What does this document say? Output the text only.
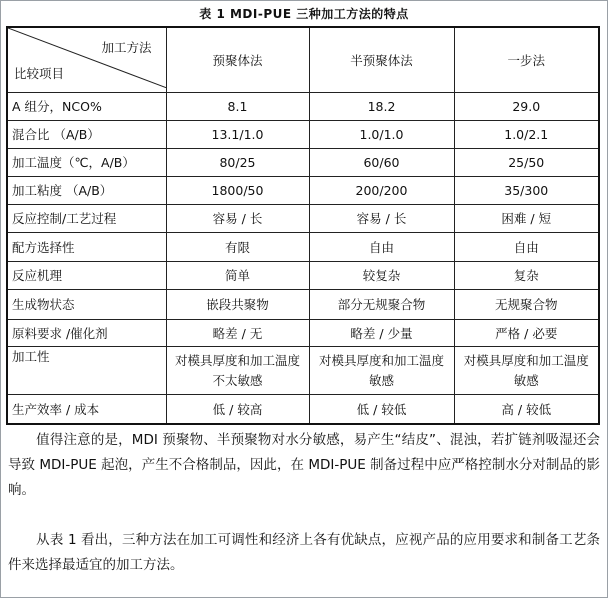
表 1 MDI-PUE 三种加工方法的特点
加工方法
比较项目	预聚体法	半预聚体法	一步法
A 组分，NCO%	8.1	18.2	29.0
混合比 （A/B）	13.1/1.0	1.0/1.0	1.0/2.1
加工温度（℃，A/B）	80/25	60/60	25/50
加工粘度 （A/B）	1800/50	200/200	35/300
反应控制/工艺过程	容易 / 长	容易 / 长	困难 / 短
配方选择性	有限	自由	自由
反应机理	简单	较复杂	复杂
生成物状态	嵌段共聚物	部分无规聚合物	无规聚合物
原料要求 /催化剂	略差 / 无	略差 / 少量	严格 / 必要
加工性	对模具厚度和加工温度不太敏感	对模具厚度和加工温度敏感	对模具厚度和加工温度敏感
生产效率 / 成本	低 / 较高	低 / 较低	高 / 较低
值得注意的是，MDI 预聚物、半预聚物对水分敏感，易产生“结皮”、混浊，若扩链剂吸湿还会导致 MDI-PUE 起泡，产生不合格制品，因此，在 MDI-PUE 制备过程中应严格控制水分对制品的影响。
从表 1 看出，三种方法在加工可调性和经济上各有优缺点，应视产品的应用要求和制备工艺条件来选择最适宜的加工方法。
